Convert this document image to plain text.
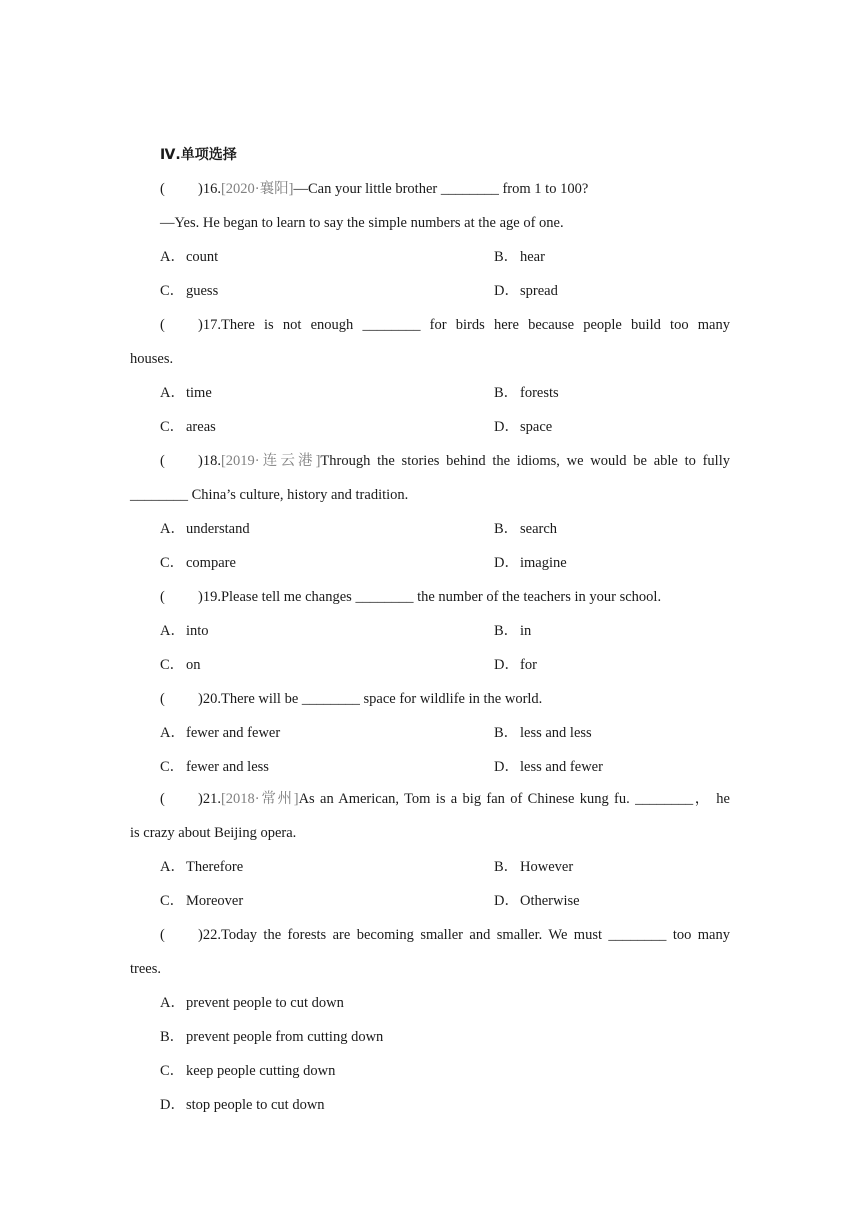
Ⅳ.单项选择
( )16.[2020·襄阳]—Can your little brother ________ from 1 to 100?
—Yes. He began to learn to say the simple numbers at the age of one.
A．count	B． hear
C． guess	D．spread
( )17.There is not enough ________ for birds here because people build too many
houses.
A．time	B． forests
C． areas	D．space
( )18.[2019·连云港]Through the stories behind the idioms, we would be able to fully
________ China’s culture, history and tradition.
A．understand	B． search
C． compare	D．imagine
( )19.Please tell me changes ________ the number of the teachers in your school.
A．into	B． in
C． on	D．for
( )20.There will be ________ space for wildlife in the world.
A．fewer and fewer	B． less and less
C． fewer and less	D．less and fewer
( )21.[2018·常州]As an American, Tom is a big fan of Chinese kung fu. ________， he
is crazy about Beijing opera.
A．Therefore	B． However
C． Moreover	D．Otherwise
( )22.Today the forests are becoming smaller and smaller. We must ________ too many
trees.
A．prevent people to cut down
B． prevent people from cutting down
C． keep people cutting down
D．stop people to cut down
